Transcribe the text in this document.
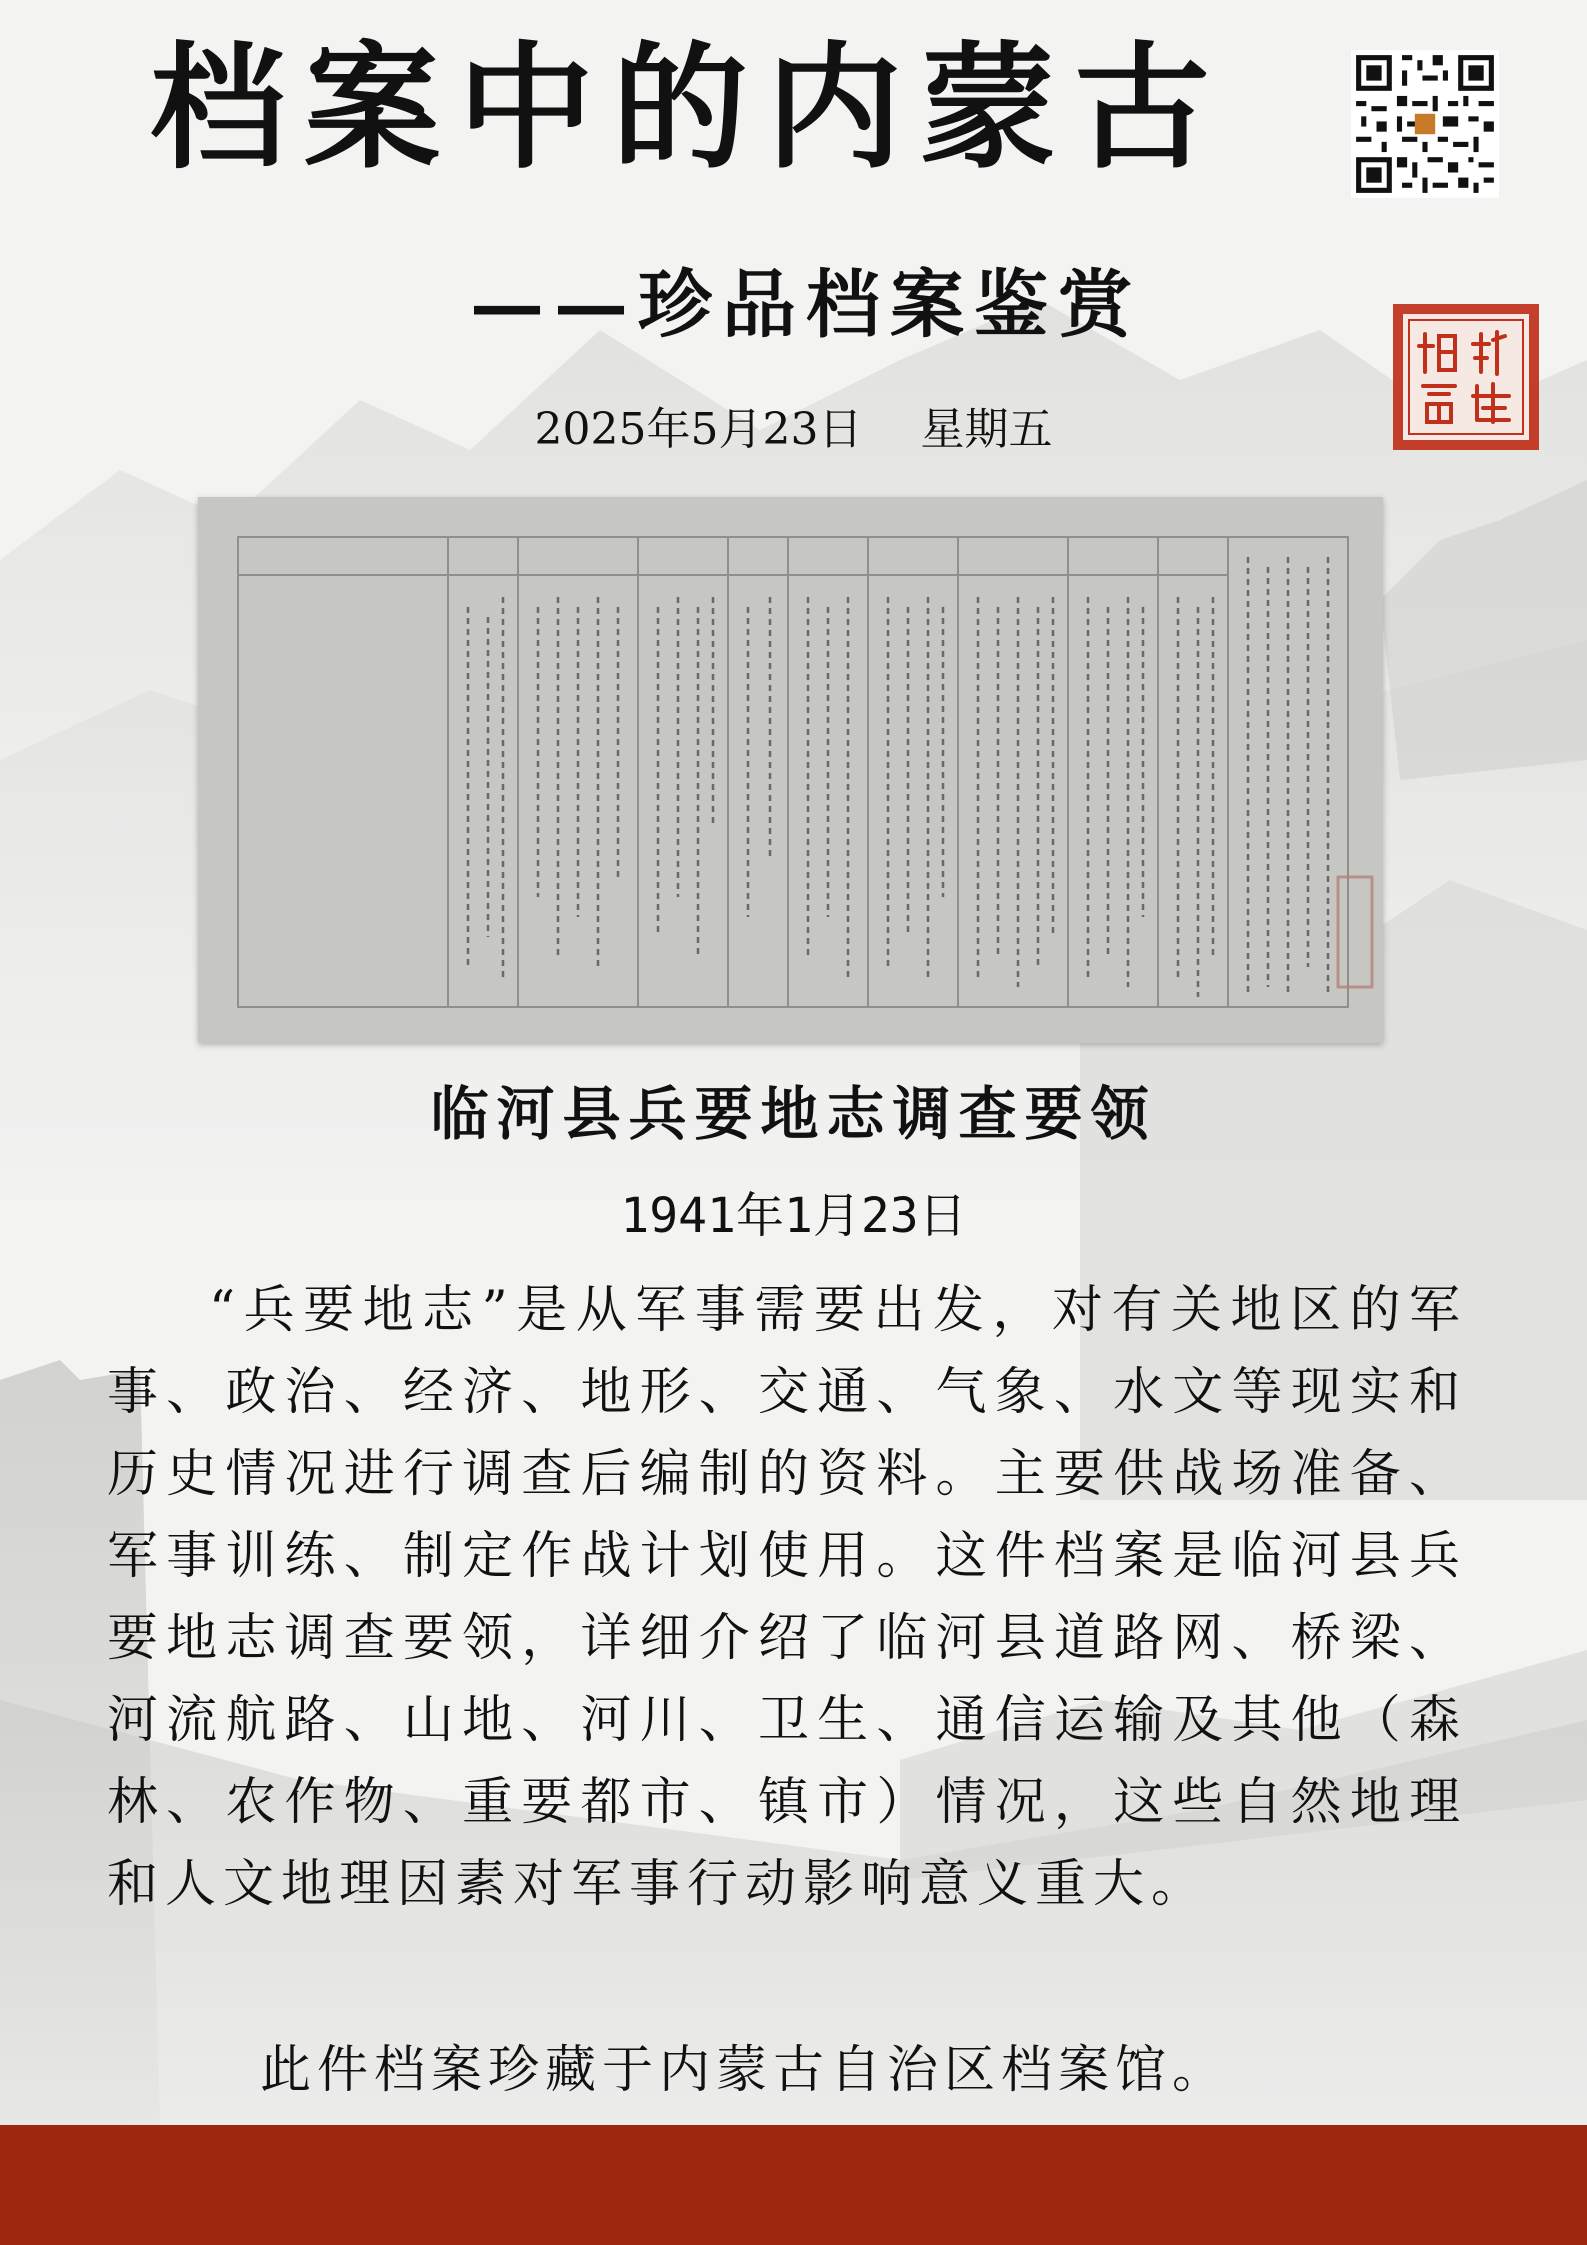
档案中的内蒙古
——珍品档案鉴赏
2025年5月23日 星期五
临河县兵要地志调查要领
1941年1月23日
“兵要地志”是从军事需要出发，对有关地区的军事、政治、经济、地形、交通、气象、水文等现实和历史情况进行调查后编制的资料。主要供战场准备、军事训练、制定作战计划使用。这件档案是临河县兵要地志调查要领，详细介绍了临河县道路网、桥梁、河流航路、山地、河川、卫生、通信运输及其他（森林、农作物、重要都市、镇市）情况，这些自然地理和人文地理因素对军事行动影响意义重大。
此件档案珍藏于内蒙古自治区档案馆。
